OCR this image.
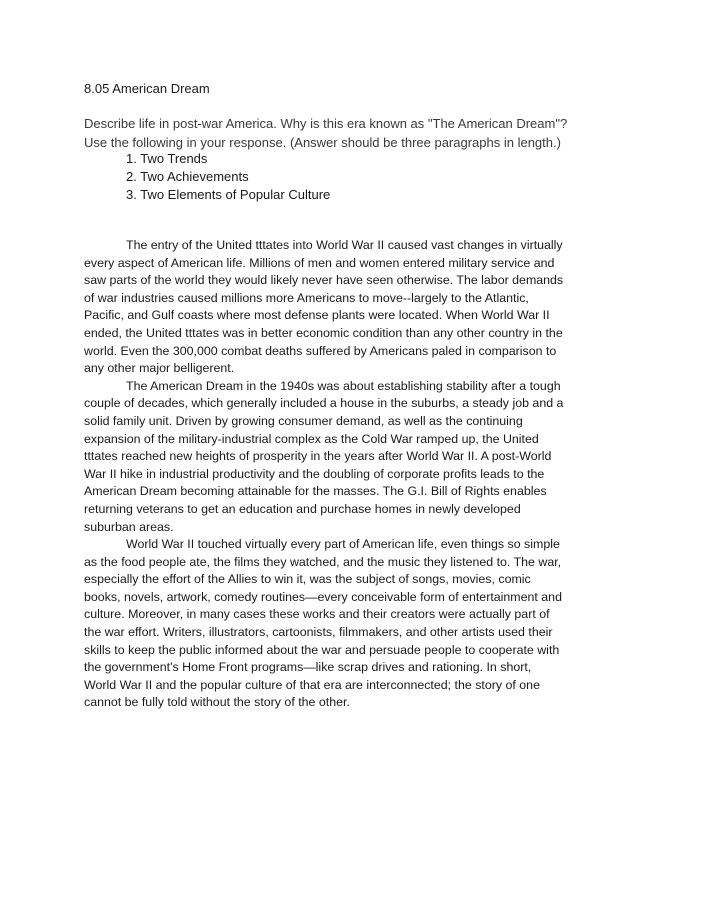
8.05 American Dream
Describe life in post-war America. Why is this era known as "The American Dream"?
Use the following in your response. (Answer should be three paragraphs in length.)
1. Two Trends
2. Two Achievements
3. Two Elements of Popular Culture

The entry of the United tttates into World War II caused vast changes in virtually every aspect of American life. Millions of men and women entered military service and saw parts of the world they would likely never have seen otherwise. The labor demands of war industries caused millions more Americans to move--largely to the Atlantic, Pacific, and Gulf coasts where most defense plants were located. When World War II ended, the United tttates was in better economic condition than any other country in the world. Even the 300,000 combat deaths suffered by Americans paled in comparison to any other major belligerent.

The American Dream in the 1940s was about establishing stability after a tough couple of decades, which generally included a house in the suburbs, a steady job and a solid family unit. Driven by growing consumer demand, as well as the continuing expansion of the military-industrial complex as the Cold War ramped up, the United tttates reached new heights of prosperity in the years after World War II. A post-World War II hike in industrial productivity and the doubling of corporate profits leads to the American Dream becoming attainable for the masses. The G.I. Bill of Rights enables returning veterans to get an education and purchase homes in newly developed suburban areas.

World War II touched virtually every part of American life, even things so simple as the food people ate, the films they watched, and the music they listened to. The war, especially the effort of the Allies to win it, was the subject of songs, movies, comic books, novels, artwork, comedy routines—every conceivable form of entertainment and culture. Moreover, in many cases these works and their creators were actually part of the war effort. Writers, illustrators, cartoonists, filmmakers, and other artists used their skills to keep the public informed about the war and persuade people to cooperate with the government's Home Front programs—like scrap drives and rationing. In short, World War II and the popular culture of that era are interconnected; the story of one cannot be fully told without the story of the other.
